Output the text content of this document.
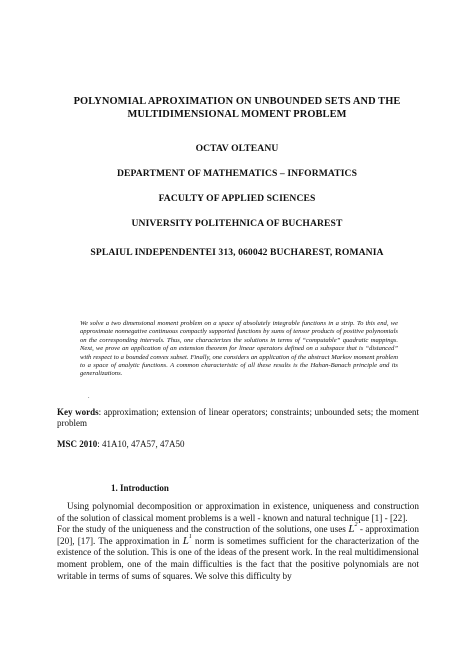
POLYNOMIAL APROXIMATION ON UNBOUNDED SETS AND THE
MULTIDIMENSIONAL MOMENT PROBLEM
OCTAV OLTEANU
DEPARTMENT OF MATHEMATICS – INFORMATICS
FACULTY OF APPLIED SCIENCES
UNIVERSITY POLITEHNICA OF BUCHAREST
SPLAIUL INDEPENDENTEI 313, 060042 BUCHAREST, ROMANIA
We solve a two dimensional moment problem on a space of absolutely integrable functions in a strip. To this end, we approximate nonnegative continuous compactly supported functions by sums of tensor products of positive polynomials on the corresponding intervals. Thus, one characterizes the solutions in terms of “computable” quadratic mappings. Next, we prove an application of an extension theorem for linear operators defined on a subspace that is “distanced” with respect to a bounded convex subset. Finally, one considers an application of the abstract Markov moment problem to a space of analytic functions. A common characteristic of all these results is the Hahan-Banach principle and its generalizations.
.
Key words: approximation; extension of linear operators; constraints; unbounded sets; the moment problem
MSC 2010: 41A10, 47A57, 47A50
1. Introduction

Using polynomial decomposition or approximation in existence, uniqueness and construction of the solution of classical moment problems is a well - known and natural technique [1] - [22].

For the study of the uniqueness and the construction of the solutions, one uses $L^2$ - approximation [20], [17]. The approximation in $L^1$ norm is sometimes sufficient for the characterization of the existence of the solution. This is one of the ideas of the present work. In the real multidimensional moment problem, one of the main difficulties is the fact that the positive polynomials are not writable in terms of sums of squares. We solve this difficulty by
